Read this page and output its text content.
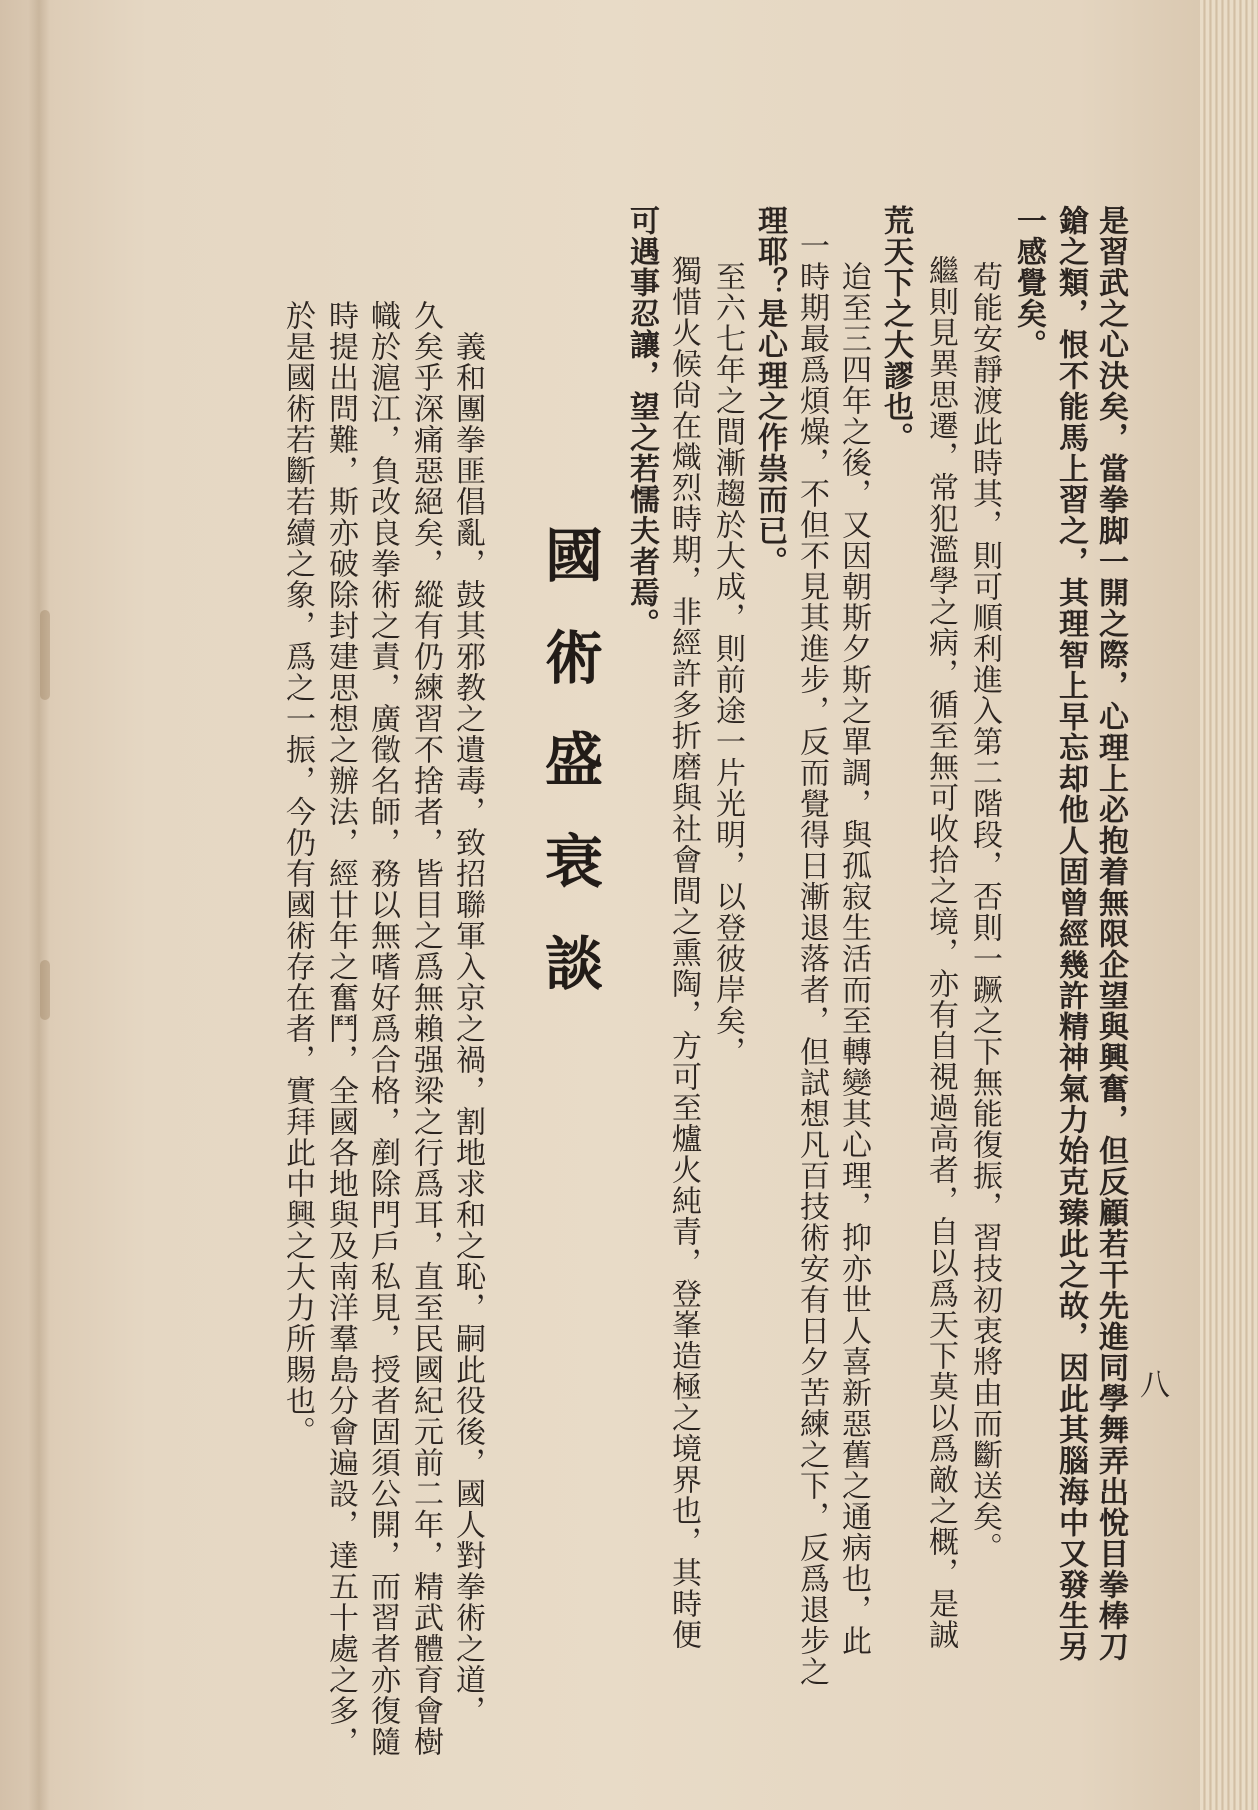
八
是習武之心決矣，當拳脚一開之際，心理上必抱着無限企望與興奮，但反顧若干先進同學舞弄出悅目拳棒刀
鎗之類，恨不能馬上習之，其理智上早忘却他人固曾經幾許精神氣力始克臻此之故，因此其腦海中又發生另
一感覺矣。
　苟能安靜渡此時其，則可順利進入第二階段，否則一蹶之下無能復振，習技初衷將由而斷送矣。
繼則見異思遷，常犯濫學之病，循至無可收拾之境，亦有自視過高者，自以爲天下莫以爲敵之概，是誠
荒天下之大謬也。
　迨至三四年之後，又因朝斯夕斯之單調，與孤寂生活而至轉變其心理，抑亦世人喜新惡舊之通病也，此
一時期最爲煩燥，不但不見其進步，反而覺得日漸退落者，但試想凡百技術安有日夕苦練之下，反爲退步之
理耶？是心理之作祟而已。
　至六七年之間漸趨於大成，則前途一片光明，以登彼岸矣，
獨惜火候尙在熾烈時期，非經許多折磨與社會間之熏陶，方可至爐火純青，登峯造極之境界也，其時便
可遇事忍讓，望之若懦夫者焉。
國術盛衰談
　義和團拳匪倡亂，鼓其邪教之遺毒，致招聯軍入京之禍，割地求和之恥，嗣此役後，國人對拳術之道，
久矣乎深痛惡絕矣，縱有仍練習不捨者，皆目之爲無賴强梁之行爲耳，直至民國紀元前二年，精武體育會樹
幟於滬江，負改良拳術之責，廣徵名師，務以無嗜好爲合格，剷除門戶私見，授者固須公開，而習者亦復隨
時提出問難，斯亦破除封建思想之辦法，經廿年之奮鬥，全國各地與及南洋羣島分會遍設，達五十處之多，
於是國術若斷若續之象，爲之一振，今仍有國術存在者，實拜此中興之大力所賜也。
